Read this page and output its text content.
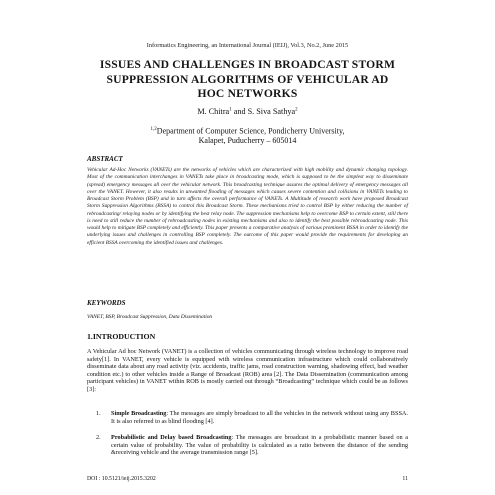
Informatics Engineering, an International Journal (IEIJ), Vol.3, No.2, June 2015
ISSUES AND CHALLENGES IN BROADCAST STORM
SUPPRESSION ALGORITHMS OF VEHICULAR AD
HOC NETWORKS
M. Chitra$^1$ and S. Siva Sathya$^2$
$^{1,2}$Department of Computer Science, Pondicherry University,
Kalapet, Puducherry – 605014
ABSTRACT
Vehicular Ad-Hoc Networks (VANETs) are the networks of vehicles which are characterized with high mobility and dynamic changing topology. Most of the communication interchanges in VANETs take place in broadcasting mode, which is supposed to be the simplest way to disseminate (spread) emergency messages all over the vehicular network. This broadcasting technique assures the optimal delivery of emergency messages all over the VANET. However, it also results in unwanted flooding of messages which causes severe contention and collisions in VANETs leading to Broadcast Storm Problem (BSP) and in turn affects the overall performance of VANETs. A Multitude of research work have proposed Broadcast Storm Suppression Algorithms (BSSA) to control this Broadcast Storm. These mechanisms tried to control BSP by either reducing the number of rebroadcasting/ relaying nodes or by identifying the best relay node. The suppression mechanisms help to overcome BSP to certain extent, still there is need to still reduce the number of rebroadcasting nodes in existing mechanisms and also to identify the best possible rebroadcasting node. This would help to mitigate BSP completely and efficiently. This paper presents a comparative analysis of various prominent BSSA in order to identify the underlying issues and challenges in controlling BSP completely. The outcome of this paper would provide the requirements for developing an efficient BSSA overcoming the identified issues and challenges.
KEYWORDS
VANET, BSP, Broadcast Suppression, Data Dissemination
1.INTRODUCTION
A Vehicular Ad hoc Network (VANET) is a collection of vehicles communicating through wireless technology to improve road safety[1]. In VANET, every vehicle is equipped with wireless communication infrastructure which could collaboratively disseminate data about any road activity (viz. accidents, traffic jams, road construction warning, shadowing effect, bad weather condition etc.) to other vehicles inside a Range of Broadcast (ROB) area [2]. The Data Dissemination (communication among participant vehicles) in VANET within ROB is mostly carried out through “Broadcasting” technique which could be as follows [3]:
1. Simple Broadcasting: The messages are simply broadcast to all the vehicles in the network without using any BSSA. It is also referred to as blind flooding [4].
2. Probabilistic and Delay based Broadcasting: The messages are broadcast in a probabilistic manner based on a certain value of probability. The value of probability is calculated as a ratio between the distance of the sending &receiving vehicle and the average transmission range [5].
DOI : 10.5121/ieij.2015.3202	11
